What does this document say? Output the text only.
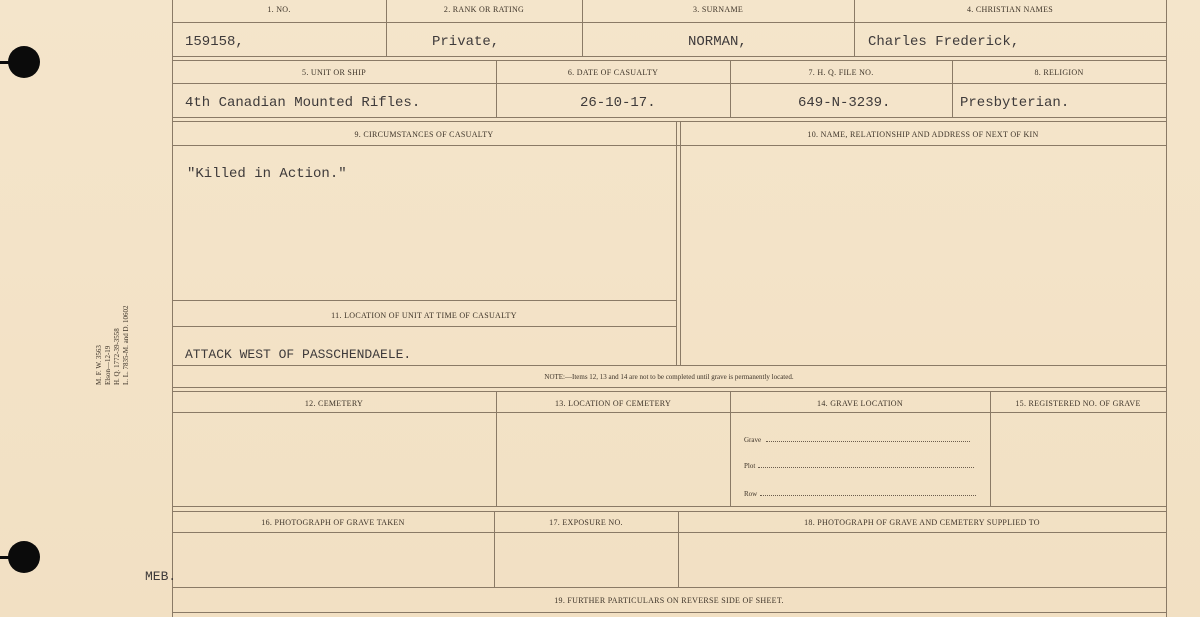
M. F. W. 3563 Elson—12-19 H. Q. 1772-39-3558 L. L. 7835-M. and D. 10602
1. NO.	2. RANK OR RATING	3. SURNAME	4. CHRISTIAN NAMES
159158,	Private,	NORMAN,	Charles Frederick,
5. UNIT OR SHIP	6. DATE OF CASUALTY	7. H. Q. FILE NO.	8. RELIGION
4th Canadian Mounted Rifles.	26-10-17.	649-N-3239.	Presbyterian.
9. CIRCUMSTANCES OF CASUALTY	10. NAME, RELATIONSHIP AND ADDRESS OF NEXT OF KIN
"Killed in Action."
11. LOCATION OF UNIT AT TIME OF CASUALTY
ATTACK WEST OF PASSCHENDAELE.
NOTE:—Items 12, 13 and 14 are not to be completed until grave is permanently located.
12. CEMETERY	13. LOCATION OF CEMETERY	14. GRAVE LOCATION	15. REGISTERED NO. OF GRAVE
Grave
Plot
Row
16. PHOTOGRAPH OF GRAVE TAKEN	17. EXPOSURE NO.	18. PHOTOGRAPH OF GRAVE AND CEMETERY SUPPLIED TO
MEB.
19. FURTHER PARTICULARS ON REVERSE SIDE OF SHEET.
